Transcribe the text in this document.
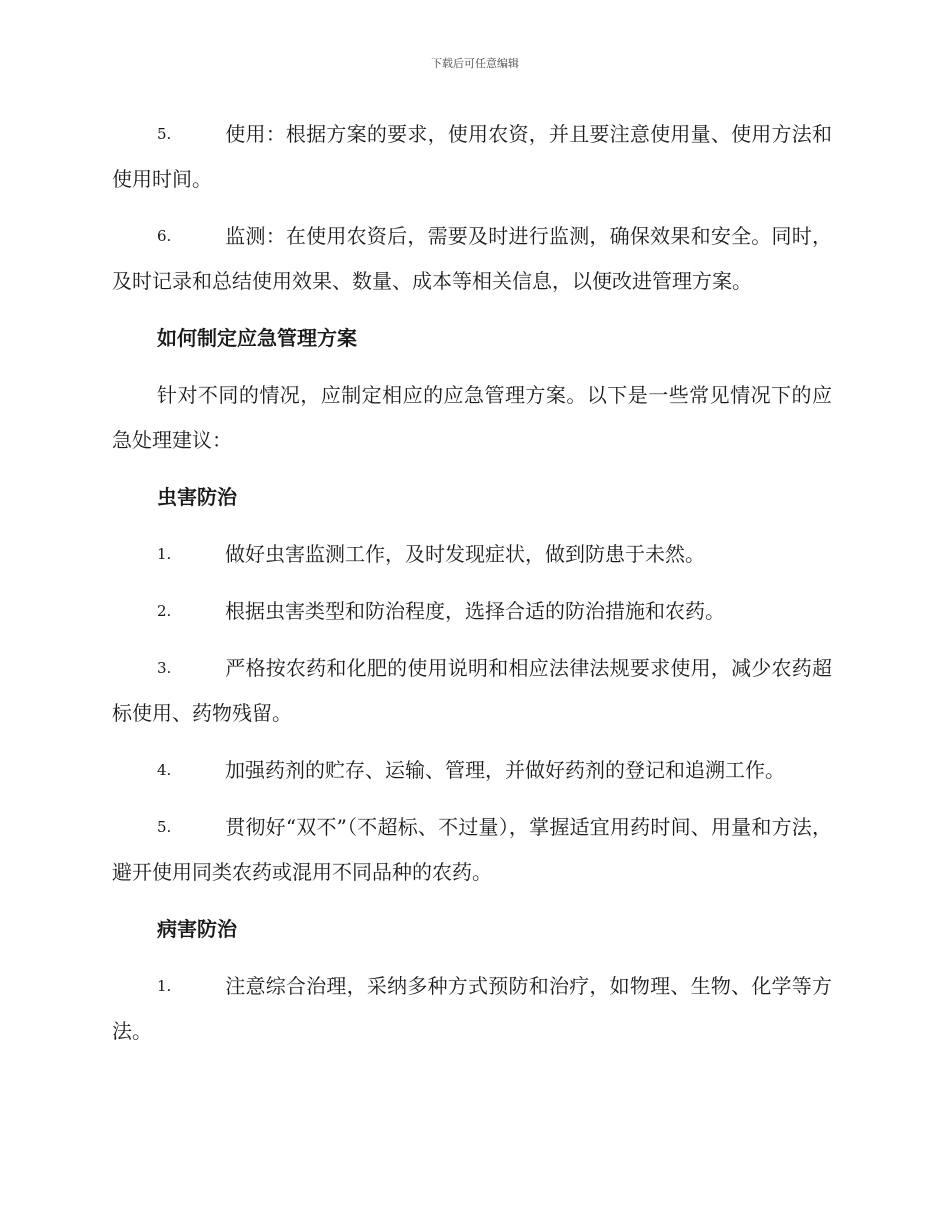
下载后可任意编辑

5.	使用：根据方案的要求，使用农资，并且要注意使用量、使用方法和使用时间。

6.	监测：在使用农资后，需要及时进行监测，确保效果和安全。同时，及时记录和总结使用效果、数量、成本等相关信息，以便改进管理方案。

如何制定应急管理方案

针对不同的情况，应制定相应的应急管理方案。以下是一些常见情况下的应急处理建议：

虫害防治

1.	做好虫害监测工作，及时发现症状，做到防患于未然。

2.	根据虫害类型和防治程度，选择合适的防治措施和农药。

3.	严格按农药和化肥的使用说明和相应法律法规要求使用，减少农药超标使用、药物残留。

4.	加强药剂的贮存、运输、管理，并做好药剂的登记和追溯工作。

5.	贯彻好“双不”（不超标、不过量），掌握适宜用药时间、用量和方法，避开使用同类农药或混用不同品种的农药。

病害防治

1.	注意综合治理，采纳多种方式预防和治疗，如物理、生物、化学等方法。
